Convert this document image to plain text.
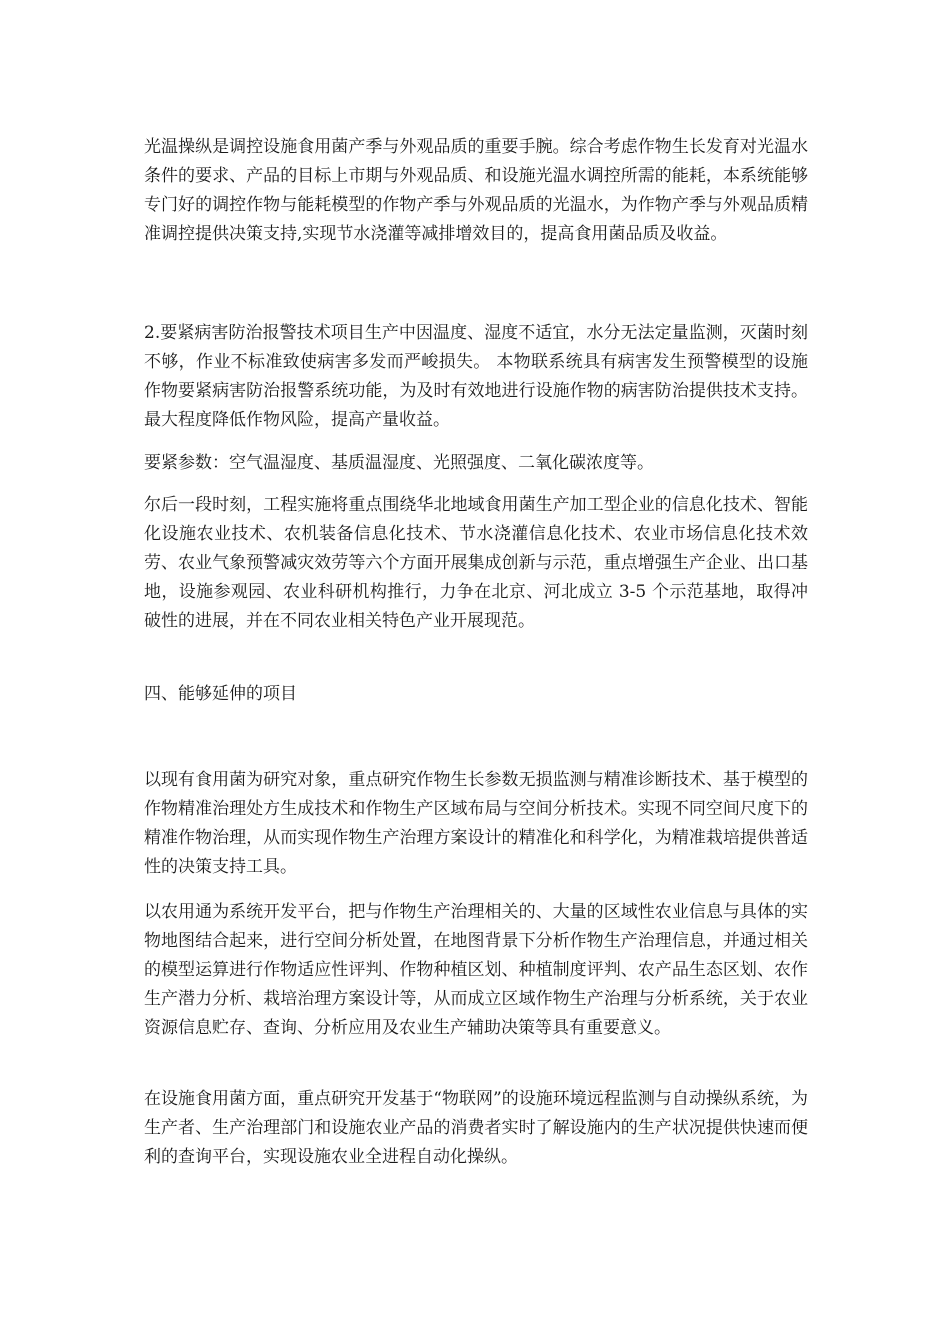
光温操纵是调控设施食用菌产季与外观品质的重要手腕。综合考虑作物生长发育对光温水条件的要求、产品的目标上市期与外观品质、和设施光温水调控所需的能耗，本系统能够专门好的调控作物与能耗模型的作物产季与外观品质的光温水，为作物产季与外观品质精准调控提供决策支持,实现节水浇灌等减排增效目的，提高食用菌品质及收益。

2.要紧病害防治报警技术项目生产中因温度、湿度不适宜，水分无法定量监测，灭菌时刻不够，作业不标准致使病害多发而严峻损失。 本物联系统具有病害发生预警模型的设施作物要紧病害防治报警系统功能，为及时有效地进行设施作物的病害防治提供技术支持。最大程度降低作物风险，提高产量收益。

要紧参数：空气温湿度、基质温湿度、光照强度、二氧化碳浓度等。

尔后一段时刻，工程实施将重点围绕华北地域食用菌生产加工型企业的信息化技术、智能化设施农业技术、农机装备信息化技术、节水浇灌信息化技术、农业市场信息化技术效劳、农业气象预警减灾效劳等六个方面开展集成创新与示范，重点增强生产企业、出口基地，设施参观园、农业科研机构推行，力争在北京、河北成立 3-5 个示范基地，取得冲破性的进展，并在不同农业相关特色产业开展现范。

四、能够延伸的项目

以现有食用菌为研究对象，重点研究作物生长参数无损监测与精准诊断技术、基于模型的作物精准治理处方生成技术和作物生产区域布局与空间分析技术。实现不同空间尺度下的精准作物治理，从而实现作物生产治理方案设计的精准化和科学化，为精准栽培提供普适性的决策支持工具。

以农用通为系统开发平台，把与作物生产治理相关的、大量的区域性农业信息与具体的实物地图结合起来，进行空间分析处置，在地图背景下分析作物生产治理信息，并通过相关的模型运算进行作物适应性评判、作物种植区划、种植制度评判、农产品生态区划、农作生产潜力分析、栽培治理方案设计等，从而成立区域作物生产治理与分析系统，关于农业资源信息贮存、查询、分析应用及农业生产辅助决策等具有重要意义。

在设施食用菌方面，重点研究开发基于“物联网”的设施环境远程监测与自动操纵系统，为生产者、生产治理部门和设施农业产品的消费者实时了解设施内的生产状况提供快速而便利的查询平台，实现设施农业全进程自动化操纵。
